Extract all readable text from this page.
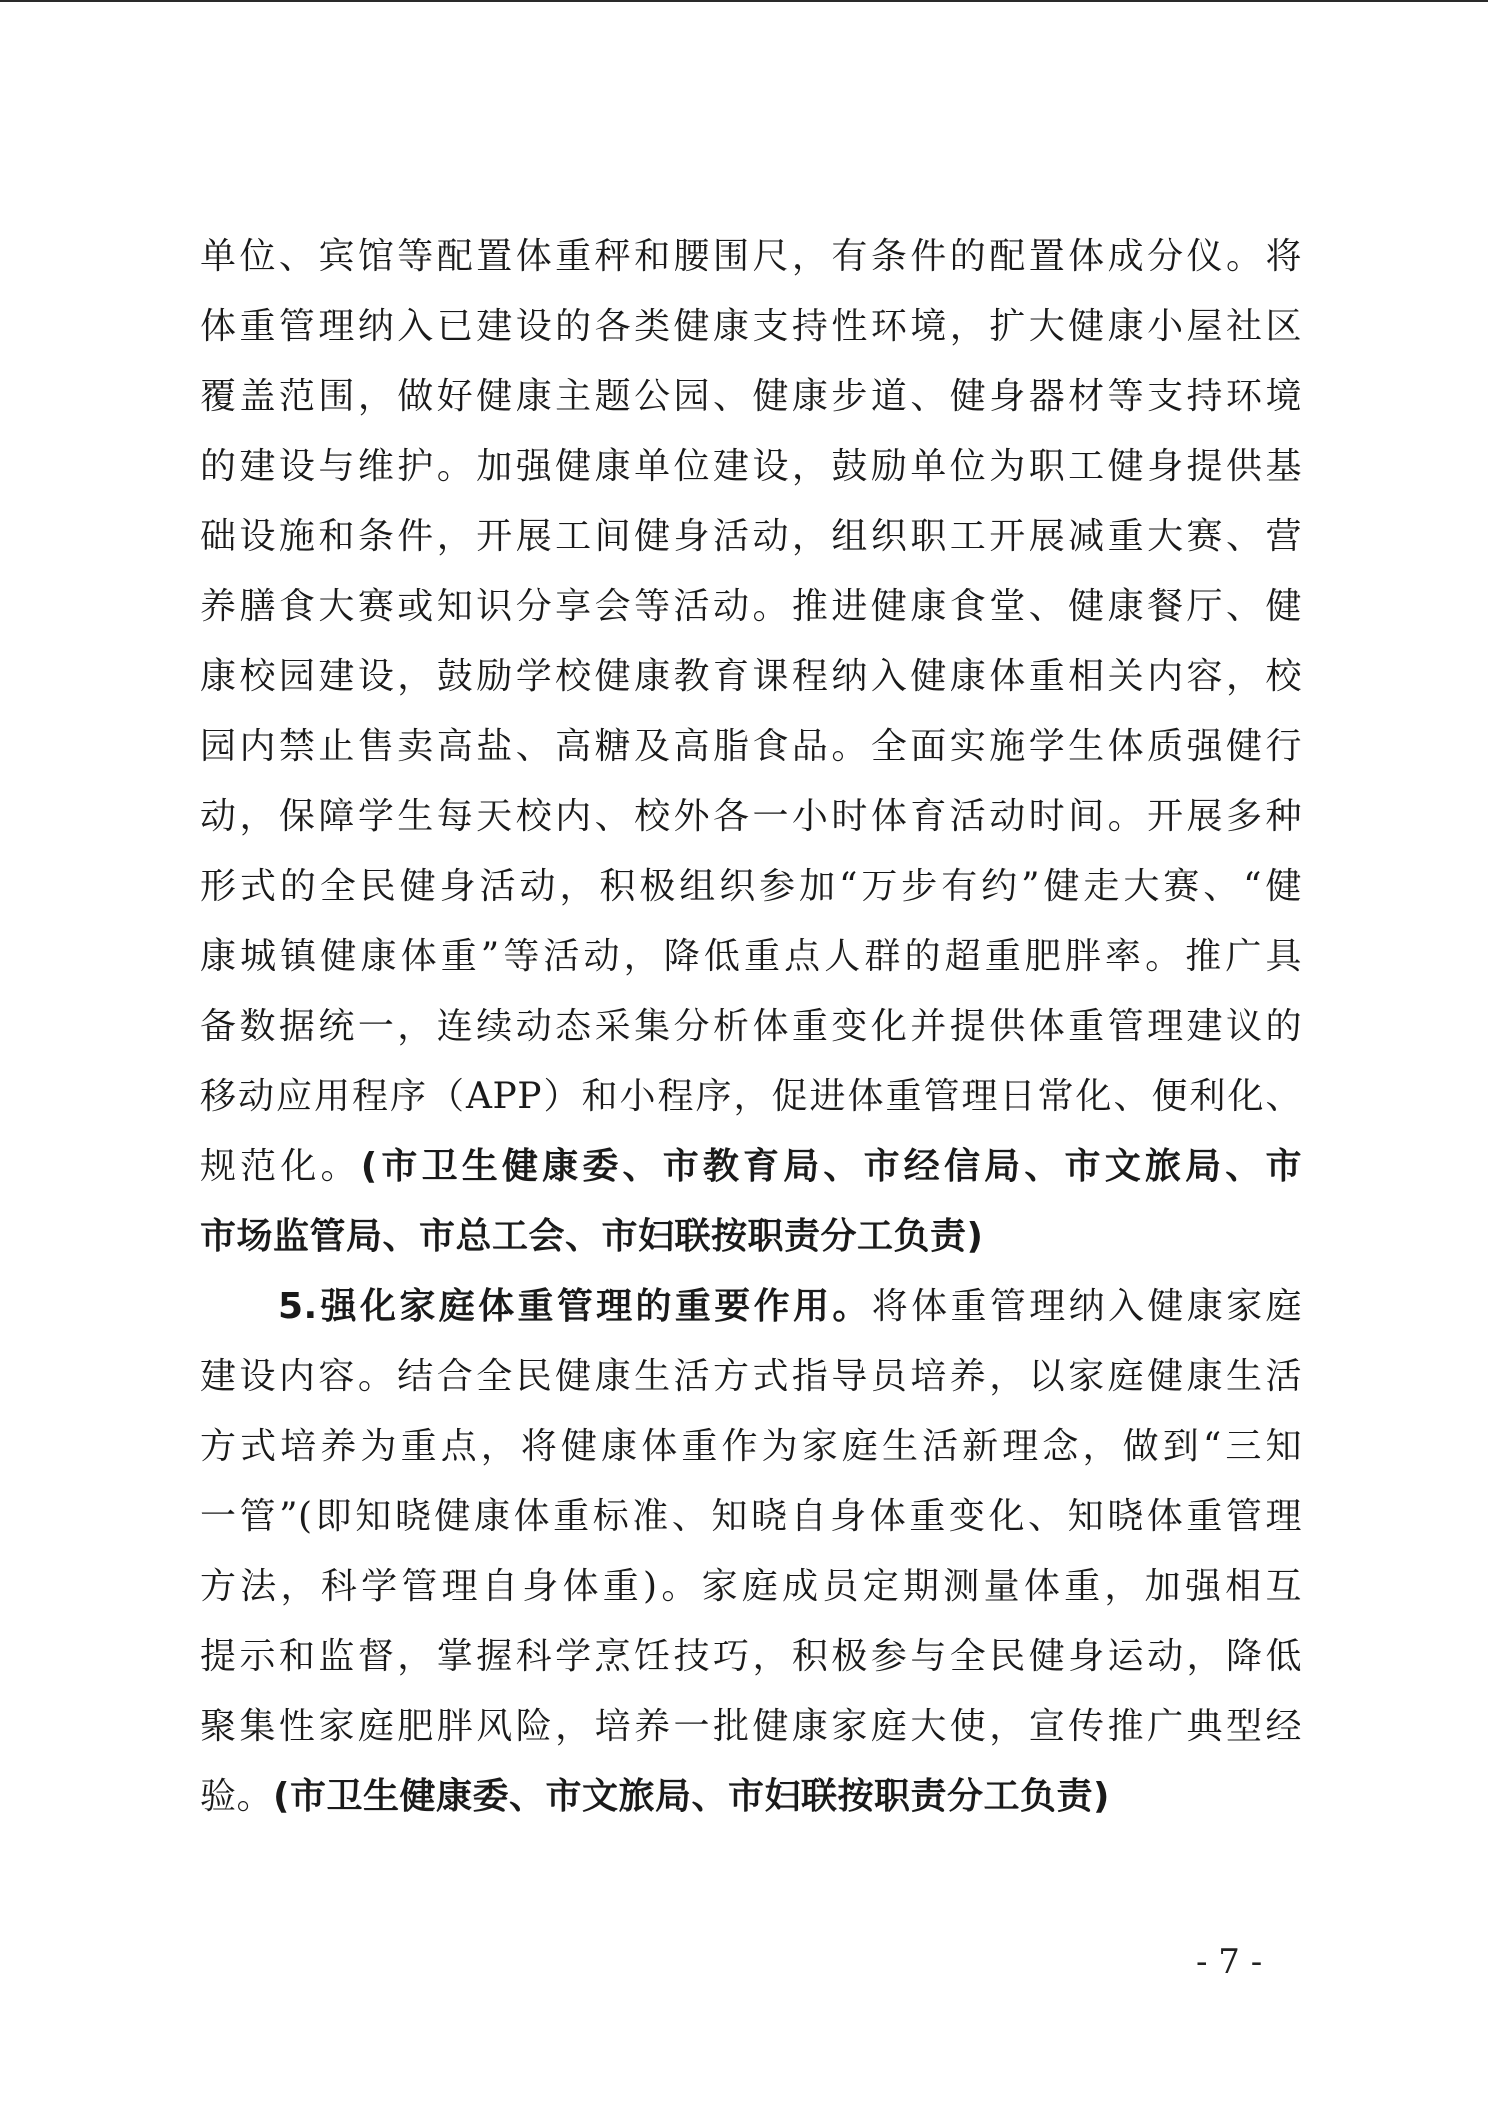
单位、宾馆等配置体重秤和腰围尺，有条件的配置体成分仪。将
体重管理纳入已建设的各类健康支持性环境，扩大健康小屋社区
覆盖范围，做好健康主题公园、健康步道、健身器材等支持环境
的建设与维护。加强健康单位建设，鼓励单位为职工健身提供基
础设施和条件，开展工间健身活动，组织职工开展减重大赛、营
养膳食大赛或知识分享会等活动。推进健康食堂、健康餐厅、健
康校园建设，鼓励学校健康教育课程纳入健康体重相关内容，校
园内禁止售卖高盐、高糖及高脂食品。全面实施学生体质强健行
动，保障学生每天校内、校外各一小时体育活动时间。开展多种
形式的全民健身活动，积极组织参加“万步有约”健走大赛、“健
康城镇健康体重”等活动，降低重点人群的超重肥胖率。推广具
备数据统一，连续动态采集分析体重变化并提供体重管理建议的
移动应用程序（APP）和小程序，促进体重管理日常化、便利化、
规范化。(市卫生健康委、市教育局、市经信局、市文旅局、市
市场监管局、市总工会、市妇联按职责分工负责)
5.强化家庭体重管理的重要作用。将体重管理纳入健康家庭
建设内容。结合全民健康生活方式指导员培养，以家庭健康生活
方式培养为重点，将健康体重作为家庭生活新理念，做到“三知
一管”(即知晓健康体重标准、知晓自身体重变化、知晓体重管理
方法，科学管理自身体重)。家庭成员定期测量体重，加强相互
提示和监督，掌握科学烹饪技巧，积极参与全民健身运动，降低
聚集性家庭肥胖风险，培养一批健康家庭大使，宣传推广典型经
验。(市卫生健康委、市文旅局、市妇联按职责分工负责)
- 7 -
